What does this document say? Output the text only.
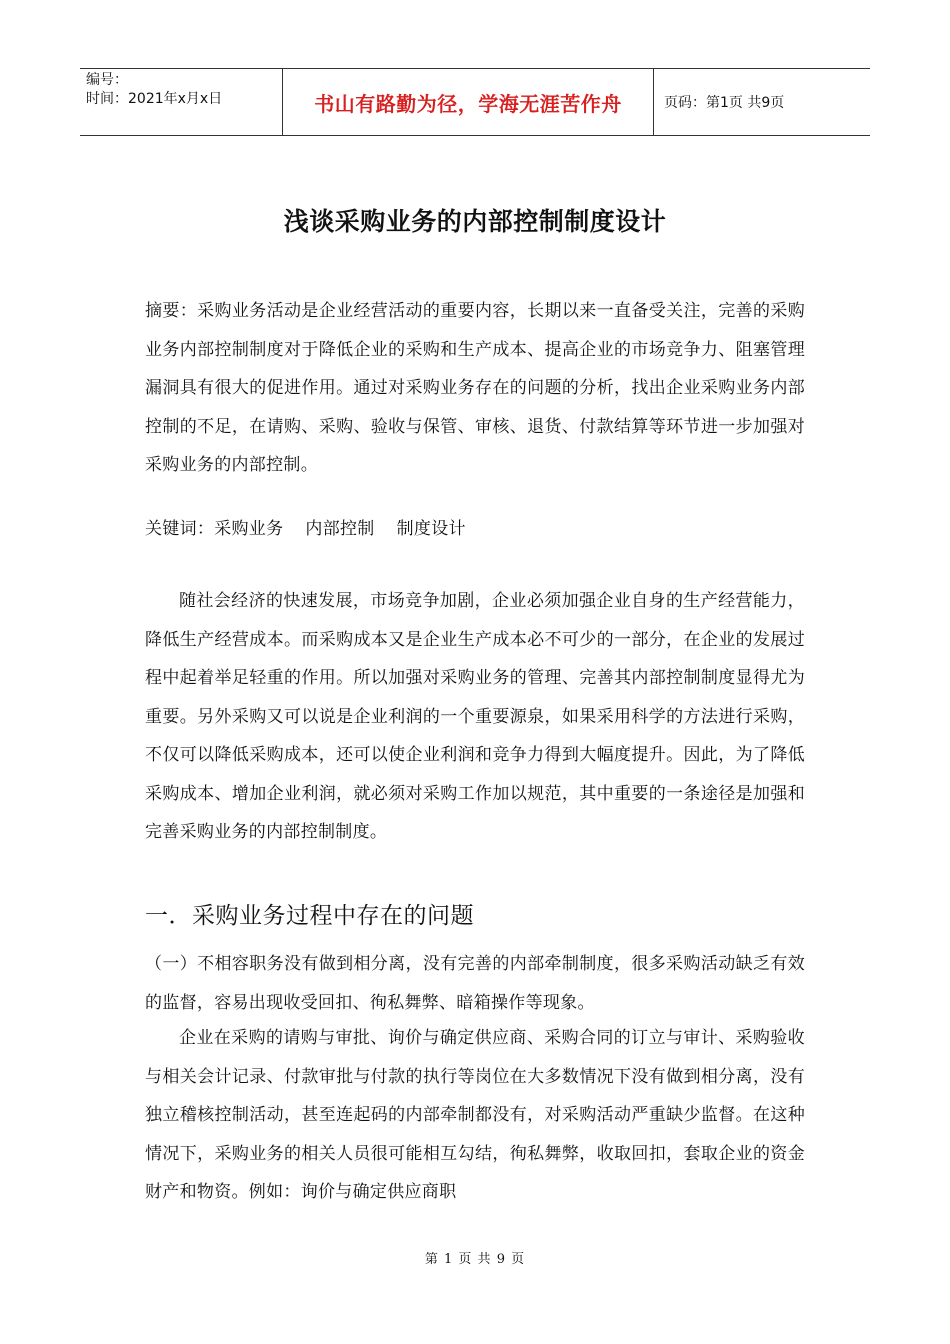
编号：
时间：2021年x月x日	书山有路勤为径，学海无涯苦作舟	页码：第1页 共9页
浅谈采购业务的内部控制制度设计
摘要：采购业务活动是企业经营活动的重要内容，长期以来一直备受关注，完善的采购业务内部控制制度对于降低企业的采购和生产成本、提高企业的市场竞争力、阻塞管理漏洞具有很大的促进作用。通过对采购业务存在的问题的分析，找出企业采购业务内部控制的不足，在请购、采购、验收与保管、审核、退货、付款结算等环节进一步加强对采购业务的内部控制。
关键词：采购业务 内部控制 制度设计
随社会经济的快速发展，市场竞争加剧，企业必须加强企业自身的生产经营能力，降低生产经营成本。而采购成本又是企业生产成本必不可少的一部分，在企业的发展过程中起着举足轻重的作用。所以加强对采购业务的管理、完善其内部控制制度显得尤为重要。另外采购又可以说是企业利润的一个重要源泉，如果采用科学的方法进行采购，不仅可以降低采购成本，还可以使企业利润和竞争力得到大幅度提升。因此，为了降低采购成本、增加企业利润，就必须对采购工作加以规范，其中重要的一条途径是加强和完善采购业务的内部控制制度。
一．采购业务过程中存在的问题
（一）不相容职务没有做到相分离，没有完善的内部牵制制度，很多采购活动缺乏有效的监督，容易出现收受回扣、徇私舞弊、暗箱操作等现象。
企业在采购的请购与审批、询价与确定供应商、采购合同的订立与审计、采购验收与相关会计记录、付款审批与付款的执行等岗位在大多数情况下没有做到相分离，没有独立稽核控制活动，甚至连起码的内部牵制都没有，对采购活动严重缺少监督。在这种情况下，采购业务的相关人员很可能相互勾结，徇私舞弊，收取回扣，套取企业的资金财产和物资。例如：询价与确定供应商职
第 1 页 共 9 页
